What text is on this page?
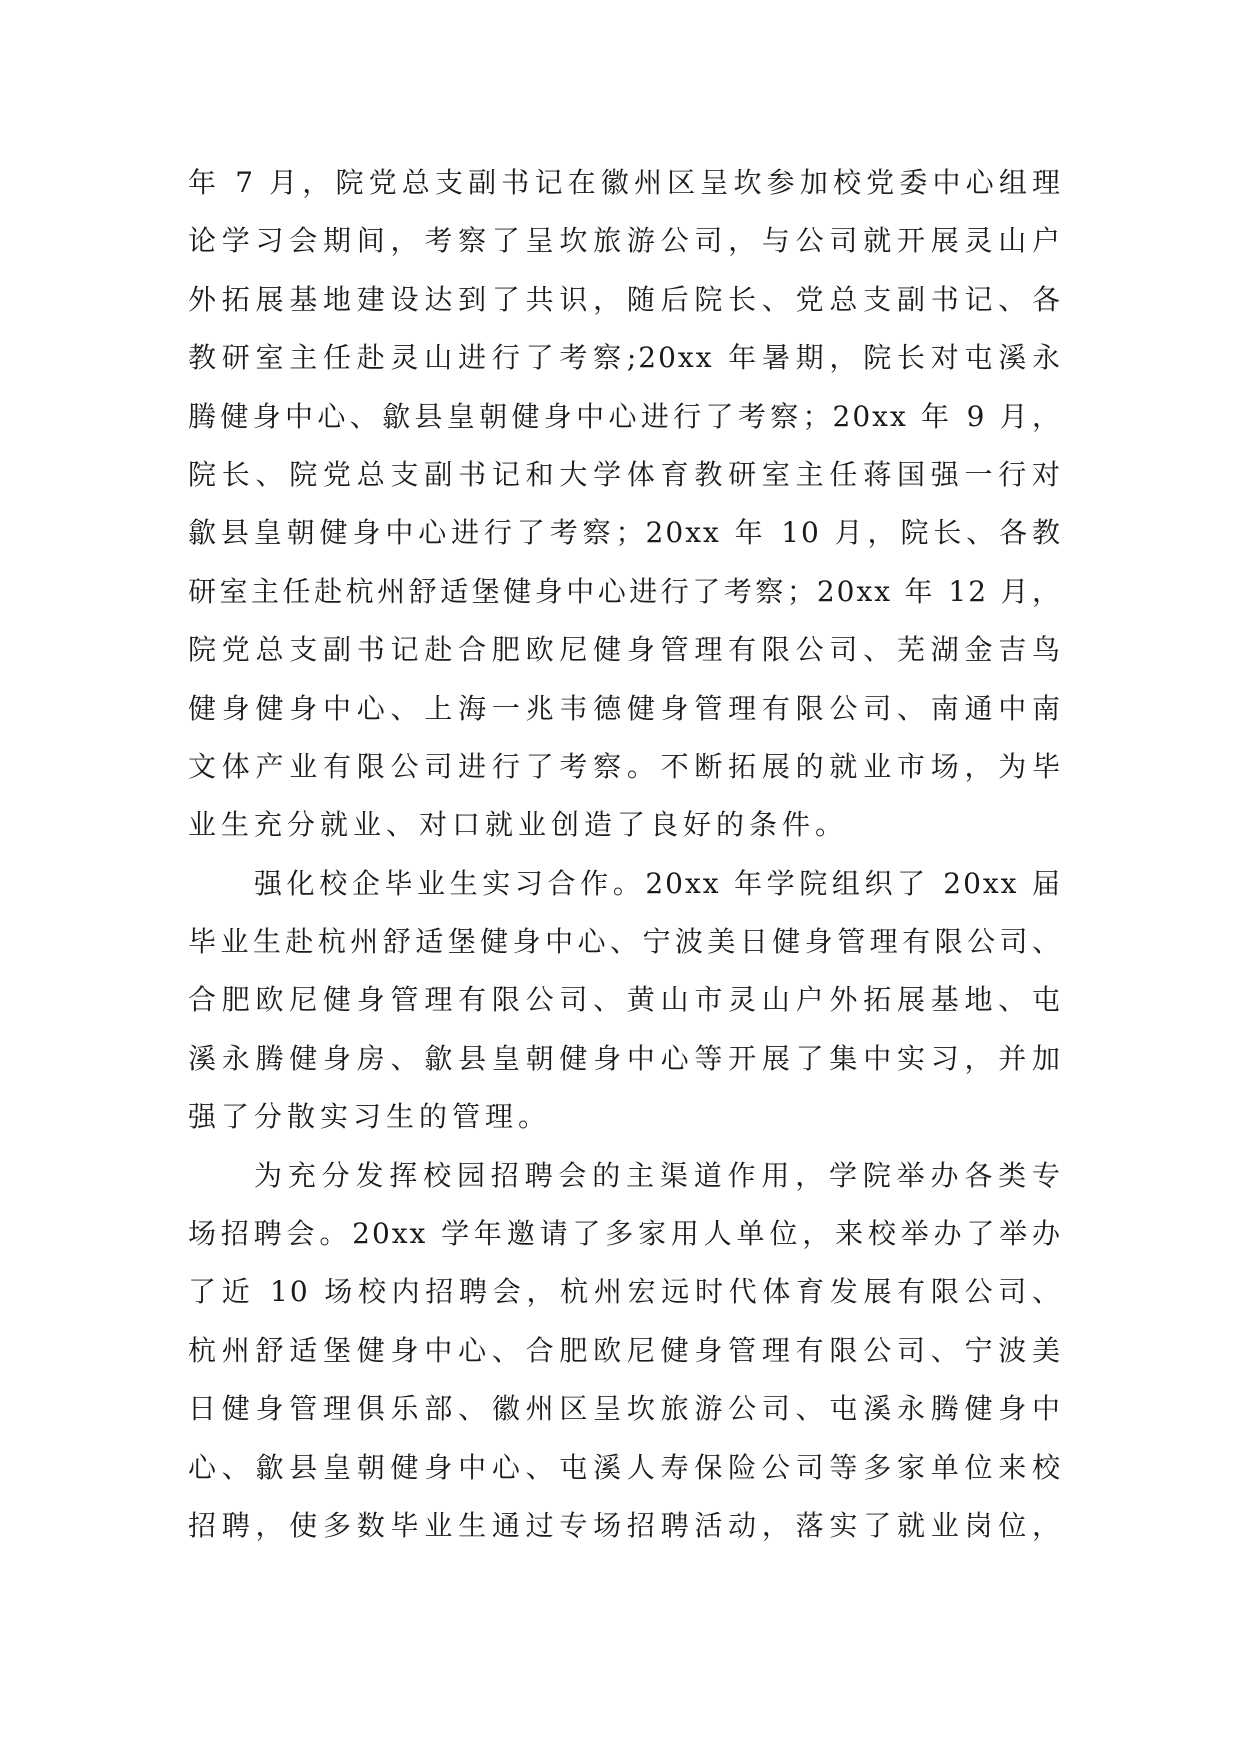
年 7 月，院党总支副书记在徽州区呈坎参加校党委中心组理
论学习会期间，考察了呈坎旅游公司，与公司就开展灵山户
外拓展基地建设达到了共识，随后院长、党总支副书记、各
教研室主任赴灵山进行了考察;20xx 年暑期，院长对屯溪永
腾健身中心、歙县皇朝健身中心进行了考察；20xx 年 9 月，
院长、院党总支副书记和大学体育教研室主任蒋国强一行对
歙县皇朝健身中心进行了考察；20xx 年 10 月，院长、各教
研室主任赴杭州舒适堡健身中心进行了考察；20xx 年 12 月，
院党总支副书记赴合肥欧尼健身管理有限公司、芜湖金吉鸟
健身健身中心、上海一兆韦德健身管理有限公司、南通中南
文体产业有限公司进行了考察。不断拓展的就业市场，为毕
业生充分就业、对口就业创造了良好的条件。
强化校企毕业生实习合作。20xx 年学院组织了 20xx 届
毕业生赴杭州舒适堡健身中心、宁波美日健身管理有限公司、
合肥欧尼健身管理有限公司、黄山市灵山户外拓展基地、屯
溪永腾健身房、歙县皇朝健身中心等开展了集中实习，并加
强了分散实习生的管理。
为充分发挥校园招聘会的主渠道作用，学院举办各类专
场招聘会。20xx 学年邀请了多家用人单位，来校举办了举办
了近 10 场校内招聘会，杭州宏远时代体育发展有限公司、
杭州舒适堡健身中心、合肥欧尼健身管理有限公司、宁波美
日健身管理俱乐部、徽州区呈坎旅游公司、屯溪永腾健身中
心、歙县皇朝健身中心、屯溪人寿保险公司等多家单位来校
招聘，使多数毕业生通过专场招聘活动，落实了就业岗位，
